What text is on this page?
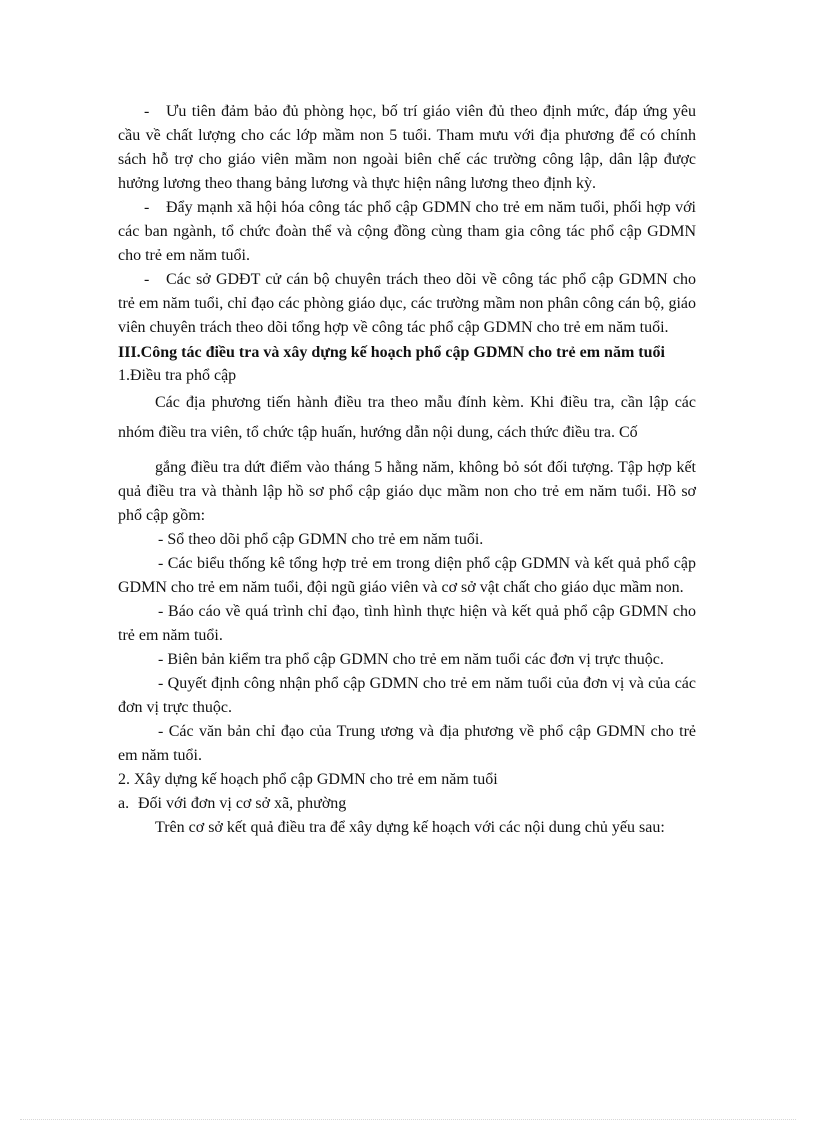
- Ưu tiên đảm bảo đủ phòng học, bố trí giáo viên đủ theo định mức, đáp ứng yêu cầu về chất lượng cho các lớp mầm non 5 tuổi. Tham mưu với địa phương để có chính sách hỗ trợ cho giáo viên mầm non ngoài biên chế các trường công lập, dân lập được hưởng lương theo thang bảng lương và thực hiện nâng lương theo định kỳ.

- Đẩy mạnh xã hội hóa công tác phổ cập GDMN cho trẻ em năm tuổi, phối hợp với các ban ngành, tổ chức đoàn thể và cộng đồng cùng tham gia công tác phổ cập GDMN cho trẻ em năm tuổi.

- Các sở GDĐT cử cán bộ chuyên trách theo dõi về công tác phổ cập GDMN cho trẻ em năm tuổi, chỉ đạo các phòng giáo dục, các trường mầm non phân công cán bộ, giáo viên chuyên trách theo dõi tổng hợp về công tác phổ cập GDMN cho trẻ em năm tuổi.

III.Công tác điều tra và xây dựng kế hoạch phổ cập GDMN cho trẻ em năm tuổi

1.Điều tra phổ cập

Các địa phương tiến hành điều tra theo mẫu đính kèm. Khi điều tra, cần lập các nhóm điều tra viên, tổ chức tập huấn, hướng dẫn nội dung, cách thức điều tra. Cố

gắng điều tra dứt điểm vào tháng 5 hằng năm, không bỏ sót đối tượng. Tập hợp kết quả điều tra và thành lập hồ sơ phổ cập giáo dục mầm non cho trẻ em năm tuổi. Hồ sơ phổ cập gồm:

- Sổ theo dõi phổ cập GDMN cho trẻ em năm tuổi.

- Các biểu thống kê tổng hợp trẻ em trong diện phổ cập GDMN và kết quả phổ cập GDMN cho trẻ em năm tuổi, đội ngũ giáo viên và cơ sở vật chất cho giáo dục mầm non.

- Báo cáo về quá trình chỉ đạo, tình hình thực hiện và kết quả phổ cập GDMN cho trẻ em năm tuổi.

- Biên bản kiểm tra phổ cập GDMN cho trẻ em năm tuổi các đơn vị trực thuộc.

- Quyết định công nhận phổ cập GDMN cho trẻ em năm tuổi của đơn vị và của các đơn vị trực thuộc.

- Các văn bản chỉ đạo của Trung ương và địa phương về phổ cập GDMN cho trẻ em năm tuổi.

2. Xây dựng kế hoạch phổ cập GDMN cho trẻ em năm tuổi

a. Đối với đơn vị cơ sở xã, phường

Trên cơ sở kết quả điều tra để xây dựng kế hoạch với các nội dung chủ yếu sau:
